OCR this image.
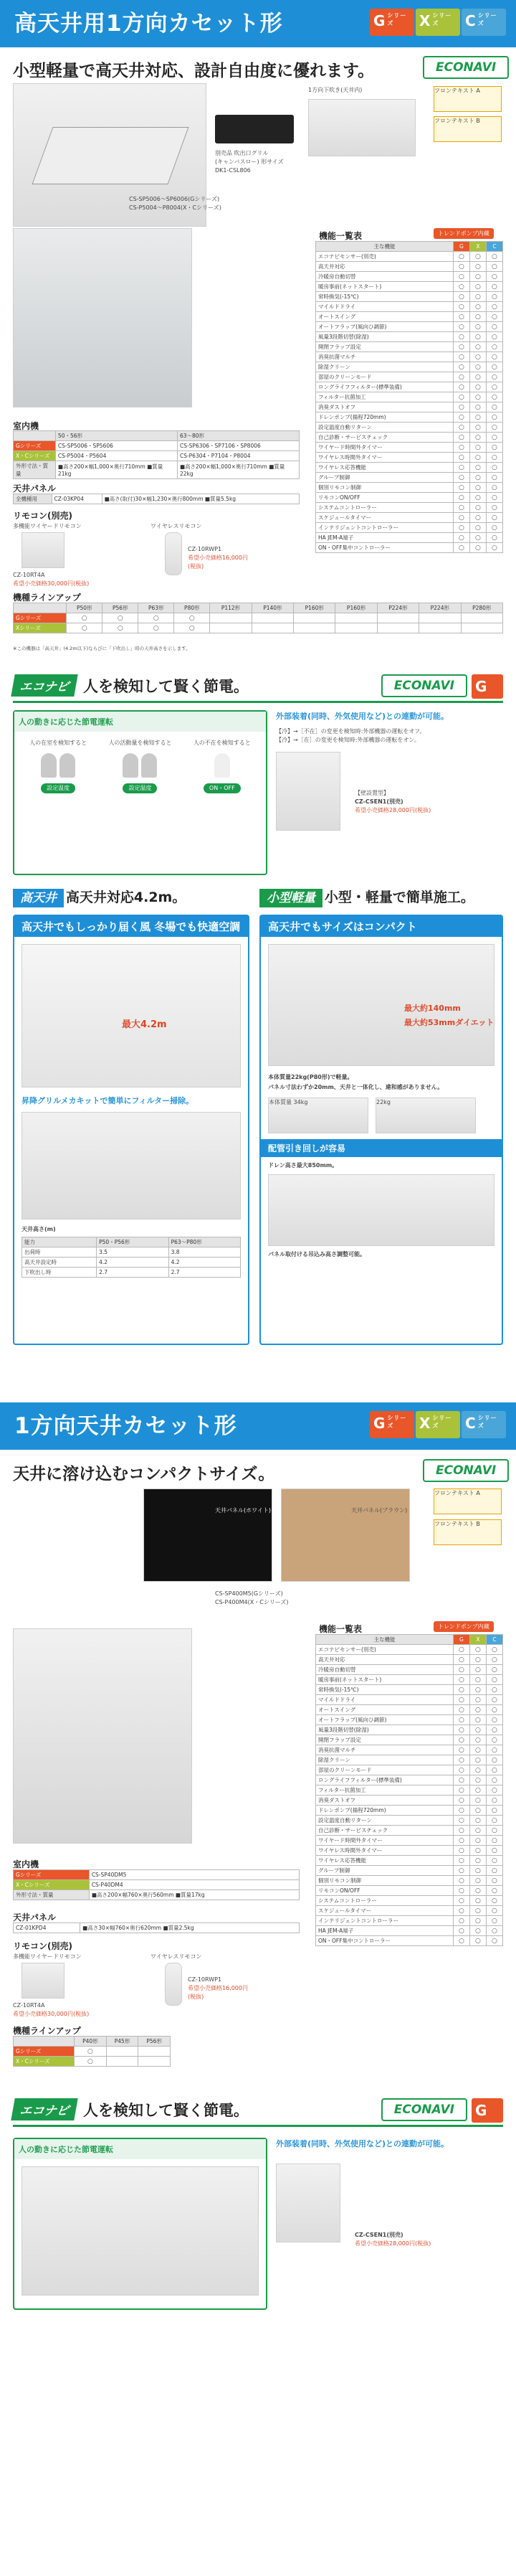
高天井用1方向カセット形	Gシリーズ	Xシリーズ	Cシリーズ
小型軽量で高天井対応、設計自由度に優れます。	ECONAVI
別売品 吹出口グリル
(キャンバスロー) 形サイズ
DK1-CSL806
1方向下吹き(天井内)
CS-SP5006～SP6006(Gシリーズ)
CS-P5004～P8004(X・Cシリーズ)
フロンテキスト A
フロンテキスト B
機能一覧表	トレンドポンプ内蔵
主な機能	G	X	C
エコナビセンサー(別売)	○	○	○
高天井対応	○	○	○
冷暖房自動切替	○	○	○
暖房事前(ネットスタート)	○	○	○
常時換気(-15℃)	○	○	○
マイルドドライ	○	○	○
オートスイング	○	○	○
オートフラップ(風向ひ調節)	○	○	○
風量3段階切替(除湿)	○	○	○
開閉フラップ設定	○	○	○
消臭抗菌マルチ	○	○	○
除湿クリーン	○	○	○
部屋のクリーンモード	○	○	○
ロングライフフィルター(標準装備)	○	○	○
フィルター抗菌加工	○	○	○
消臭ダストオフ	○	○	○
ドレンポンプ(揚程720mm)	○	○	○
設定温度自動リターン	○	○	○
自己診断・サービスチェック	○	○	○
ワイヤード時間外タイマー	○	○	○
ワイヤレス時間外タイマー	○	○	○
ワイヤレス応答機能	○	○	○
グループ制御	○	○	○
個別リモコン制御	○	○	○
リモコンON/OFF	○	○	○
システムコントローラー	○	○	○
スケジュールタイマー	○	○	○
インテリジェントコントローラー	○	○	○
HA JEM-A端子	○	○	○
ON・OFF集中コントローラー	○	○	○
室内機
	50・56形	63～80形
Gシリーズ	CS-SP5006・SP5606	CS-SP6306・SP7106・SP8006
X・Cシリーズ	CS-P5004・P5604	CS-P6304・P7104・P8004
外形寸法・質量	■高さ200×幅1,000×奥行710mm ■質量21kg	■高さ200×幅1,000×奥行710mm ■質量22kg
天井パネル
全機種用	CZ-03KP04	■高さ(取付)30×幅1,230×奥行800mm ■質量5.5kg
リモコン(別売)
多機能ワイヤードリモコン
CZ-10RT4A
希望小売価格30,000円(税抜)
ワイヤレスリモコン
CZ-10RWP1
希望小売価格16,000円(税抜)
機種ラインアップ
	P50形	P56形	P63形	P80形	P112形	P140形	P160形	P160形	P224形	P224形	P280形
Gシリーズ	○	○	○	○							
Xシリーズ	○	○	○	○							
※この機器は「高天井」(4.2m以下)ならびに「下吹出し」時の天井高さを示します。
エコナビ 人を検知して賢く節電。	ECONAVI	G
人の動きに応じた節電運転
人の在室を検知すると
設定温度
人の活動量を検知すると
設定温度
人の不在を検知すると
ON・OFF
外部装着(同時、外気使用など)との連動が可能。
【冷】→［不在］の変更を検知時:外部機器の運転をオフ。
【冷】→［在］の変更を検知時:外部機器の運転をオン。
【壁設置型】
CZ-CSEN1(別売)
希望小売価格28,000円(税抜)
高天井 高天井対応4.2m。
高天井でもしっかり届く風 冬場でも快適空調
最大4.2m
昇降グリルメカキットで簡単にフィルター掃除。
天井高さ(m)
能力	P50・P56形	P63～P80形
出荷時	3.5	3.8
高天井設定時	4.2	4.2
下吹出し時	2.7	2.7
小型軽量 小型・軽量で簡単施工。
高天井でもサイズはコンパクト
最大約140mm
最大約53mmダイエット
本体質量22kg(P80形)で軽量。
パネル寸法わずか20mm、天井と一体化し、違和感がありません。
本体質量 34kg	22kg
配管引き回しが容易
ドレン高さ最大850mm。
パネル取付ける吊込み高さ調整可能。
1方向天井カセット形	Gシリーズ	Xシリーズ	Cシリーズ
天井に溶け込むコンパクトサイズ。	ECONAVI
天井パネル(ホワイト)	天井パネル(ブラウン)
CS-SP400M5(Gシリーズ)
CS-P400M4(X・Cシリーズ)
フロンテキスト A
フロンテキスト B
機能一覧表	トレンドポンプ内蔵
主な機能	G	X	C
エコナビセンサー(別売)	○	○	○
高天井対応	○	○	○
冷暖房自動切替	○	○	○
暖房事前(ネットスタート)	○	○	○
常時換気(-15℃)	○	○	○
マイルドドライ	○	○	○
オートスイング	○	○	○
オートフラップ(風向ひ調節)	○	○	○
風量3段階切替(除湿)	○	○	○
開閉フラップ設定	○	○	○
消臭抗菌マルチ	○	○	○
除湿クリーン	○	○	○
部屋のクリーンモード	○	○	○
ロングライフフィルター(標準装備)	○	○	○
フィルター抗菌加工	○	○	○
消臭ダストオフ	○	○	○
ドレンポンプ(揚程720mm)	○	○	○
設定温度自動リターン	○	○	○
自己診断・サービスチェック	○	○	○
ワイヤード時間外タイマー	○	○	○
ワイヤレス時間外タイマー	○	○	○
ワイヤレス応答機能	○	○	○
グループ制御	○	○	○
個別リモコン制御	○	○	○
リモコンON/OFF	○	○	○
システムコントローラー	○	○	○
スケジュールタイマー	○	○	○
インテリジェントコントローラー	○	○	○
HA JEM-A端子	○	○	○
ON・OFF集中コントローラー	○	○	○
室内機
Gシリーズ	CS-SP40DM5
X・Cシリーズ	CS-P40DM4
外形寸法・質量	■高さ200×幅760×奥行560mm ■質量17kg
天井パネル
CZ-01KPD4	■高さ30×幅760×奥行620mm ■質量2.5kg
リモコン(別売)
多機能ワイヤードリモコン
CZ-10RT4A
希望小売価格30,000円(税抜)
ワイヤレスリモコン
CZ-10RWP1
希望小売価格16,000円(税抜)
機種ラインアップ
	P40形	P45形	P56形
Gシリーズ	○		
X・Cシリーズ	○		
エコナビ 人を検知して賢く節電。	ECONAVI	G
人の動きに応じた節電運転
外部装着(同時、外気使用など)との連動が可能。
CZ-CSEN1(別売)
希望小売価格28,000円(税抜)
